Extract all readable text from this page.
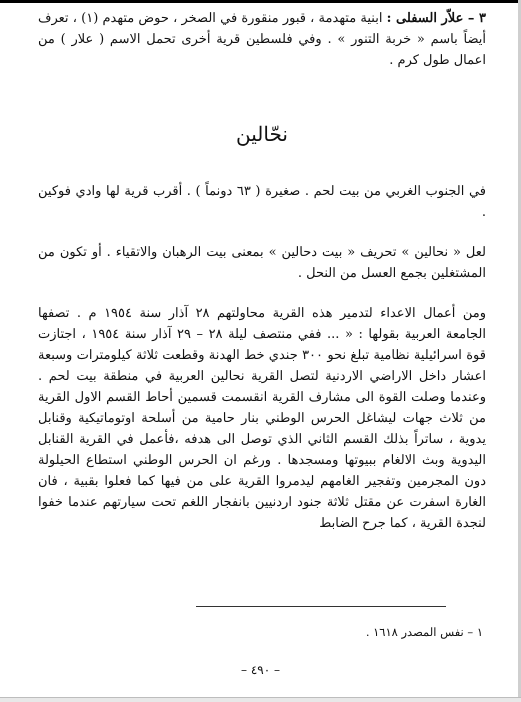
٣ – علاّر السفلى : ابنية متهدمة ، قبور منقورة في الصخر ، حوض متهدم (١) ، تعرف أيضاً باسم « خربة التنور » . وفي فلسطين قرية أخرى تحمل الاسم ( علار ) من اعمال طول كرم .

نحّالين

في الجنوب الغربي من بيت لحم . صغيرة ( ٦٣ دونماً ) . أقرب قرية لها وادي فوكين .

لعل « نحالين » تحريف « بيت دحالين » بمعنى بيت الرهبان والاتقياء . أو تكون من المشتغلين بجمع العسل من النحل .

ومن أعمال الاعداء لتدمير هذه القرية محاولتهم ٢٨ آذار سنة ١٩٥٤ م . تصفها الجامعة العربية بقولها : « ... ففي منتصف ليلة ٢٨ – ٢٩ آذار سنة ١٩٥٤ ، اجتازت قوة اسرائيلية نظامية تبلغ نحو ٣٠٠ جندي خط الهدنة وقطعت ثلاثة كيلومترات وسبعة اعشار داخل الاراضي الاردنية لتصل القرية نحالين العربية في منطقة بيت لحم . وعندما وصلت القوة الى مشارف القرية انقسمت قسمين أحاط القسم الاول القرية من ثلاث جهات ليشاغل الحرس الوطني بنار حامية من أسلحة اوتوماتيكية وقنابل يدوية ، ساتراً بذلك القسم الثاني الذي توصل الى هدفه ،فأعمل في القرية القنابل اليدوية وبث الالغام ببيوتها ومسجدها . ورغم ان الحرس الوطني استطاع الحيلولة دون المجرمين وتفجير الغامهم ليدمروا القرية على من فيها كما فعلوا بقبية ، فان الغارة اسفرت عن مقتل ثلاثة جنود اردنيين بانفجار اللغم تحت سيارتهم عندما خفوا لنجدة القرية ، كما جرح الضابط

١ – نفس المصدر ١٦١٨ .
– ٤٩٠ –
